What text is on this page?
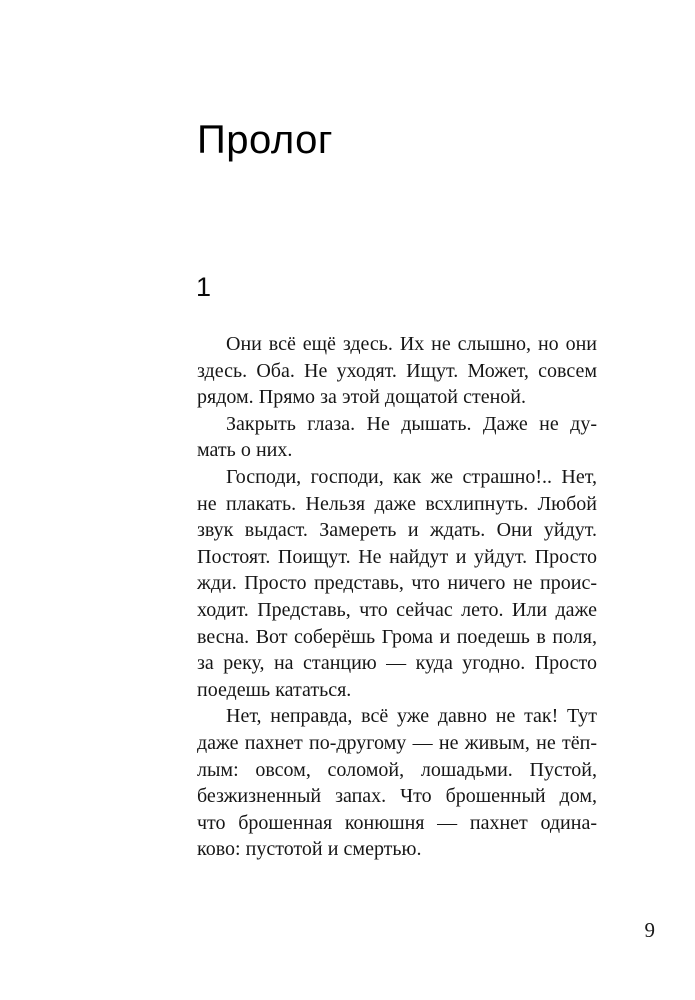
Пролог
1
Они всё ещё здесь. Их не слышно, но они
здесь. Оба. Не уходят. Ищут. Может, совсем
рядом. Прямо за этой дощатой стеной.
Закрыть глаза. Не дышать. Даже не ду-
мать о них.
Господи, господи, как же страшно!.. Нет,
не плакать. Нельзя даже всхлипнуть. Любой
звук выдаст. Замереть и ждать. Они уйдут.
Постоят. Поищут. Не найдут и уйдут. Просто
жди. Просто представь, что ничего не проис-
ходит. Представь, что сейчас лето. Или даже
весна. Вот соберёшь Грома и поедешь в поля,
за реку, на станцию — куда угодно. Просто
поедешь кататься.
Нет, неправда, всё уже давно не так! Тут
даже пахнет по-другому — не живым, не тёп-
лым: овсом, соломой, лошадьми. Пустой,
безжизненный запах. Что брошенный дом,
что брошенная конюшня — пахнет одина-
ково: пустотой и смертью.
9
